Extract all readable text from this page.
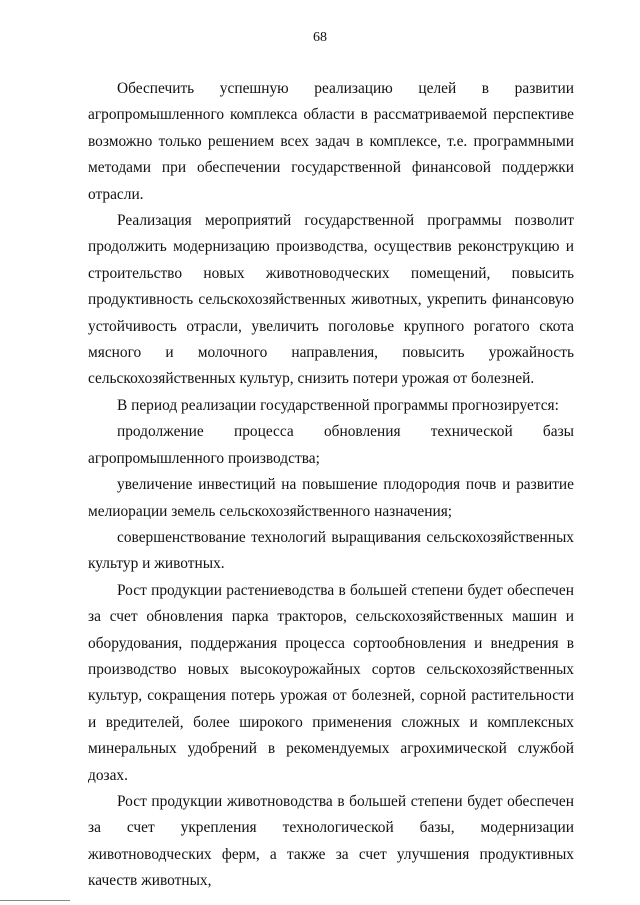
68

Обеспечить успешную реализацию целей в развитии агропромышленного комплекса области в рассматриваемой перспективе возможно только решением всех задач в комплексе, т.е. программными методами при обеспечении государственной финансовой поддержки отрасли.

Реализация мероприятий государственной программы позволит продолжить модернизацию производства, осуществив реконструкцию и строительство новых животноводческих помещений, повысить продуктивность сельскохозяйственных животных, укрепить финансовую устойчивость отрасли, увеличить поголовье крупного рогатого скота мясного и молочного направления, повысить урожайность сельскохозяйственных культур, снизить потери урожая от болезней.

В период реализации государственной программы прогнозируется:

продолжение процесса обновления технической базы агропромышленного производства;

увеличение инвестиций на повышение плодородия почв и развитие мелиорации земель сельскохозяйственного назначения;

совершенствование технологий выращивания сельскохозяйственных культур и животных.

Рост продукции растениеводства в большей степени будет обеспечен за счет обновления парка тракторов, сельскохозяйственных машин и оборудования, поддержания процесса сортообновления и внедрения в производство новых высокоурожайных сортов сельскохозяйственных культур, сокращения потерь урожая от болезней, сорной растительности и вредителей, более широкого применения сложных и комплексных минеральных удобрений в рекомендуемых агрохимической службой дозах.

Рост продукции животноводства в большей степени будет обеспечен за счет укрепления технологической базы, модернизации животноводческих ферм, а также за счет улучшения продуктивных качеств животных,
